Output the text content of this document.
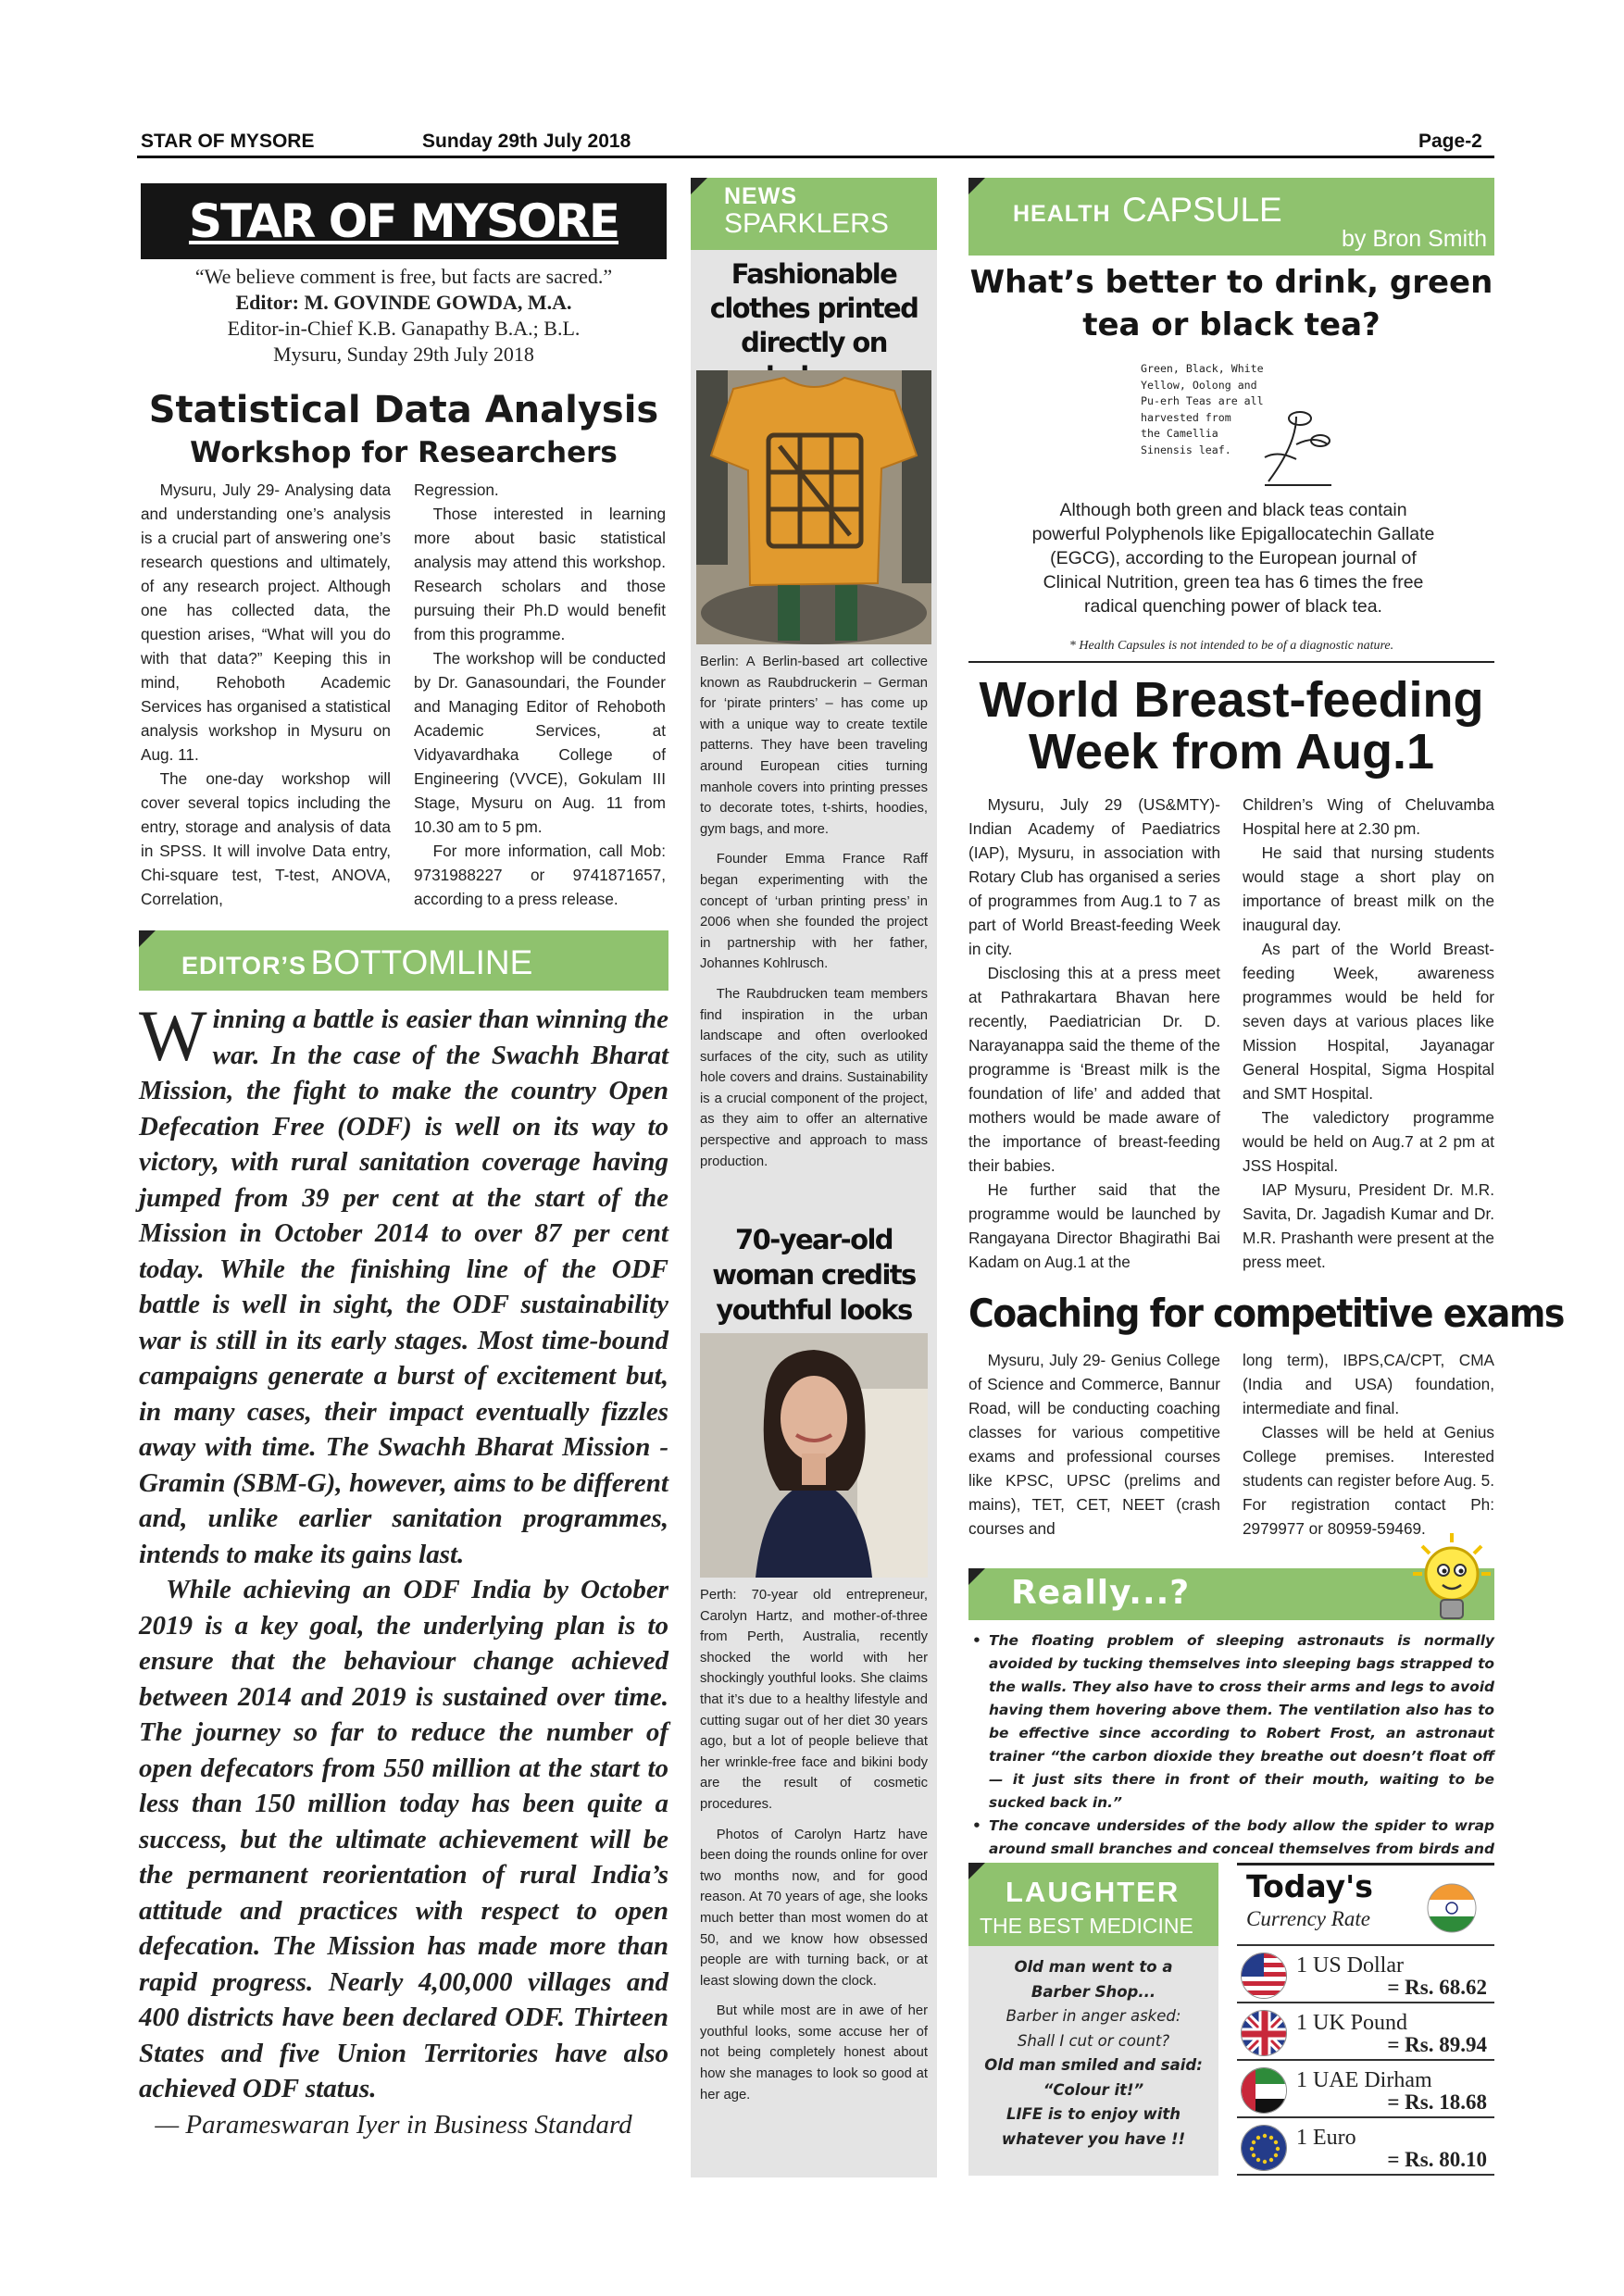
STAR OF MYSORE	Sunday 29th July 2018	Page-2
STAR OF MYSORE
“We believe comment is free, but facts are sacred.”
Editor: M. GOVINDE GOWDA, M.A.
Editor-in-Chief K.B. Ganapathy B.A.; B.L.
Mysuru, Sunday 29th July 2018
Statistical Data Analysis
Workshop for Researchers

Mysuru, July 29- Analysing data and understanding one’s analysis is a crucial part of answering one’s research questions and ultimately, of any research project. Although one has collected data, the question arises, “What will you do with that data?” Keeping this in mind, Rehoboth Academic Services has organised a statistical analysis workshop in Mysuru on Aug. 11.

The one-day workshop will cover several topics including the entry, storage and analysis of data in SPSS. It will involve Data entry, Chi-square test, T-test, ANOVA, Correlation,

Regression.

Those interested in learning more about basic statistical analysis may attend this workshop. Research scholars and those pursuing their Ph.D would benefit from this programme.

The workshop will be conducted by Dr. Ganasoundari, the Founder and Managing Editor of Rehoboth Academic Services, at Vidyavardhaka College of Engineering (VVCE), Gokulam III Stage, Mysuru on Aug. 11 from 10.30 am to 5 pm.

For more information, call Mob: 9731988227 or 9741871657, according to a press release.

EDITOR’S BOTTOMLINE

Winning a battle is easier than winning the war. In the case of the Swachh Bharat Mission, the fight to make the country Open Defecation Free (ODF) is well on its way to victory, with rural sanitation coverage having jumped from 39 per cent at the start of the Mission in October 2014 to over 87 per cent today. While the finishing line of the ODF battle is well in sight, the ODF sustainability war is still in its early stages. Most time-bound campaigns generate a burst of excitement but, in many cases, their impact eventually fizzles away with time. The Swachh Bharat Mission - Gramin (SBM-G), however, aims to be different and, unlike earlier sanitation programmes, intends to make its gains last.

While achieving an ODF India by October 2019 is a key goal, the underlying plan is to ensure that the behaviour change achieved between 2014 and 2019 is sustained over time. The journey so far to reduce the number of open defecators from 550 million at the start to less than 150 million today has been quite a success, but the ultimate achievement will be the permanent reorientation of rural India’s attitude and practices with respect to open defecation. The Mission has made more than rapid progress. Nearly 4,00,000 villages and 400 districts have been declared ODF. Thirteen States and five Union Territories have also achieved ODF status.

— Parameswaran Iyer in Business Standard

NEWS
SPARKLERS
Fashionable clothes printed directly on

Berlin: A Berlin-based art collective known as Raubdruckerin – German for ‘pirate printers’ – has come up with a unique way to create textile patterns. They have been traveling around European cities turning manhole covers into printing presses to decorate totes, t-shirts, hoodies, gym bags, and more.

Founder Emma France Raff began experimenting with the concept of ‘urban printing press’ in 2006 when she founded the project in partnership with her father, Johannes Kohlrusch.

The Raubdrucken team members find inspiration in the urban landscape and often overlooked surfaces of the city, such as utility hole covers and drains. Sustainability is a crucial component of the project, as they aim to offer an alternative perspective and approach to mass production.

70-year-old woman credits youthful looks

Perth: 70-year old entrepreneur, Carolyn Hartz, and mother-of-three from Perth, Australia, recently shocked the world with her shockingly youthful looks. She claims that it’s due to a healthy lifestyle and cutting sugar out of her diet 30 years ago, but a lot of people believe that her wrinkle-free face and bikini body are the result of cosmetic procedures.

Photos of Carolyn Hartz have been doing the rounds online for over two months now, and for good reason. At 70 years of age, she looks much better than most women do at 50, and we know how obsessed people are with turning back, or at least slowing down the clock.

But while most are in awe of her youthful looks, some accuse her of not being completely honest about how she manages to look so good at her age.

HEALTH CAPSULE
by Bron Smith
What’s better to drink, green tea or black tea?
Green, Black, White
Yellow, Oolong and
Pu-erh Teas are all
harvested from
the Camellia
Sinensis leaf.
Although both green and black teas contain powerful Polyphenols like Epigallocatechin Gallate (EGCG), according to the European journal of Clinical Nutrition, green tea has 6 times the free radical quenching power of black tea.
* Health Capsules is not intended to be of a diagnostic nature.
World Breast-feeding Week from Aug.1

Mysuru, July 29 (US&MTY)- Indian Academy of Paediatrics (IAP), Mysuru, in association with Rotary Club has organised a series of programmes from Aug.1 to 7 as part of World Breast-feeding Week in city.

Disclosing this at a press meet at Pathrakartara Bhavan here recently, Paediatrician Dr. D. Narayanappa said the theme of the programme is ‘Breast milk is the foundation of life’ and added that mothers would be made aware of the importance of breast-feeding their babies.

He further said that the programme would be launched by Rangayana Director Bhagirathi Bai Kadam on Aug.1 at the

Children’s Wing of Cheluvamba Hospital here at 2.30 pm.

He said that nursing students would stage a short play on importance of breast milk on the inaugural day.

As part of the World Breast-feeding Week, awareness programmes would be held for seven days at various places like Mission Hospital, Jayanagar General Hospital, Sigma Hospital and SMT Hospital.

The valedictory programme would be held on Aug.7 at 2 pm at JSS Hospital.

IAP Mysuru, President Dr. M.R. Savita, Dr. Jagadish Kumar and Dr. M.R. Prashanth were present at the press meet.

Coaching for competitive exams

Mysuru, July 29- Genius College of Science and Commerce, Bannur Road, will be conducting coaching classes for various competitive exams and professional courses like KPSC, UPSC (prelims and mains), TET, CET, NEET (crash courses and

long term), IBPS,CA/CPT, CMA (India and USA) foundation, intermediate and final.

Classes will be held at Genius College premises. Interested students can register before Aug. 5. For registration contact Ph: 2979977 or 80959-59469.

Really...?

• The floating problem of sleeping astronauts is normally avoided by tucking themselves into sleeping bags strapped to the walls. They also have to cross their arms and legs to avoid having them hovering above them. The ventilation also has to be effective since according to Robert Frost, an astronaut trainer “the carbon dioxide they breathe out doesn’t float off — it just sits there in front of their mouth, waiting to be sucked back in.”

• The concave undersides of the body allow the spider to wrap around small branches and conceal themselves from birds and

LAUGHTER
THE BEST MEDICINE
Old man went to a
Barber Shop...
Barber in anger asked:
Shall I cut or count?
Old man smiled and said:
“Colour it!”
LIFE is to enjoy with
whatever you have !!
Today's
Currency Rate
1 US Dollar
= Rs. 68.62
1 UK Pound
= Rs. 89.94
1 UAE Dirham
= Rs. 18.68
1 Euro
= Rs. 80.10
